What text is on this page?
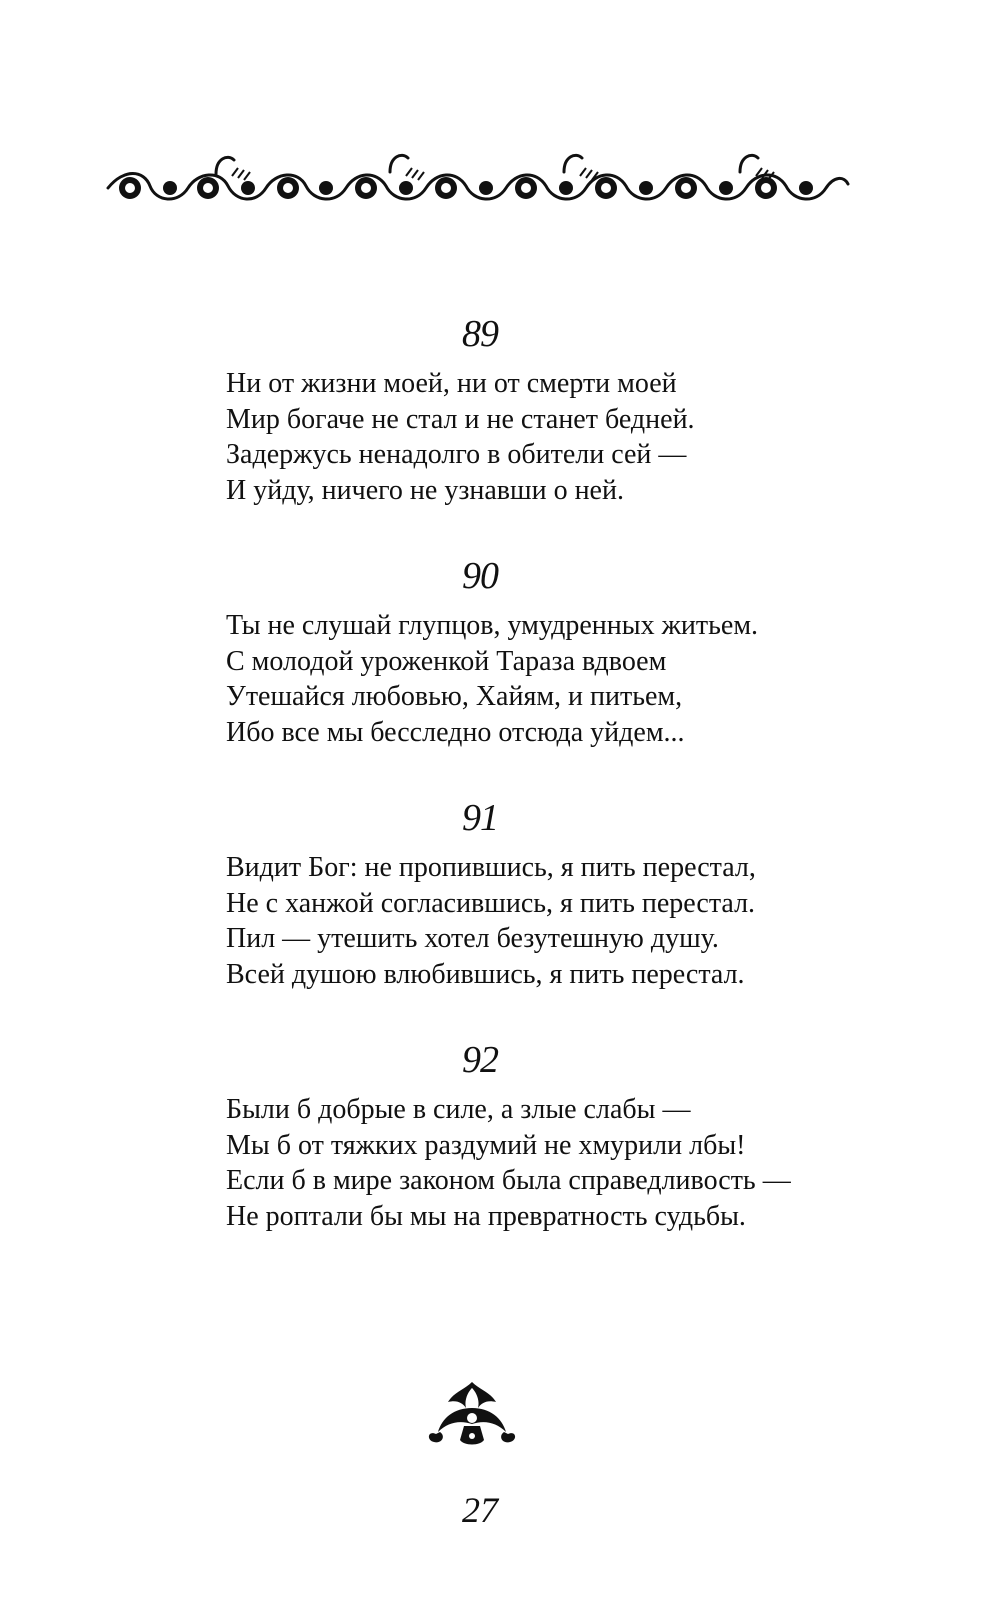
89
Ни от жизни моей, ни от смерти моей
Мир богаче не стал и не станет бедней.
Задержусь ненадолго в обители сей —
И уйду, ничего не узнавши о ней.
90
Ты не слушай глупцов, умудренных житьем.
С молодой уроженкой Тараза вдвоем
Утешайся любовью, Хайям, и питьем,
Ибо все мы бесследно отсюда уйдем...
91
Видит Бог: не пропившись, я пить перестал,
Не с ханжой согласившись, я пить перестал.
Пил — утешить хотел безутешную душу.
Всей душою влюбившись, я пить перестал.
92
Были б добрые в силе, а злые слабы —
Мы б от тяжких раздумий не хмурили лбы!
Если б в мире законом была справедливость —
Не роптали бы мы на превратность судьбы.
27
